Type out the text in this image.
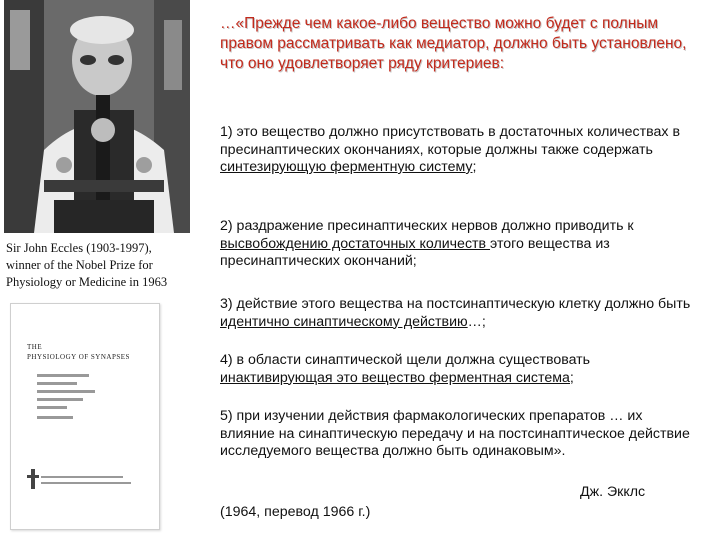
Sir John Eccles (1903-1997),
winner of the Nobel Prize for
Physiology or Medicine in 1963
THE
PHYSIOLOGY OF SYNAPSES
…«Прежде чем какое-либо вещество можно будет с полным правом рассматривать как медиатор, должно быть установлено, что оно удовлетворяет ряду критериев:
1) это вещество должно присутствовать в достаточных количествах в пресинаптических окончаниях, которые должны также содержать синтезирующую ферментную систему;
2) раздражение пресинаптических нервов должно приводить к высвобождению достаточных количеств этого вещества из пресинаптических окончаний;
3) действие этого вещества на постсинаптическую клетку должно быть идентично синаптическому действию…;
4) в области синаптической щели должна существовать инактивирующая это вещество ферментная система;
5) при изучении действия фармакологических препаратов … их влияние на синаптическую передачу и на постсинаптическое действие исследуемого вещества должно быть одинаковым».
Дж. Экклс
(1964, перевод 1966 г.)
